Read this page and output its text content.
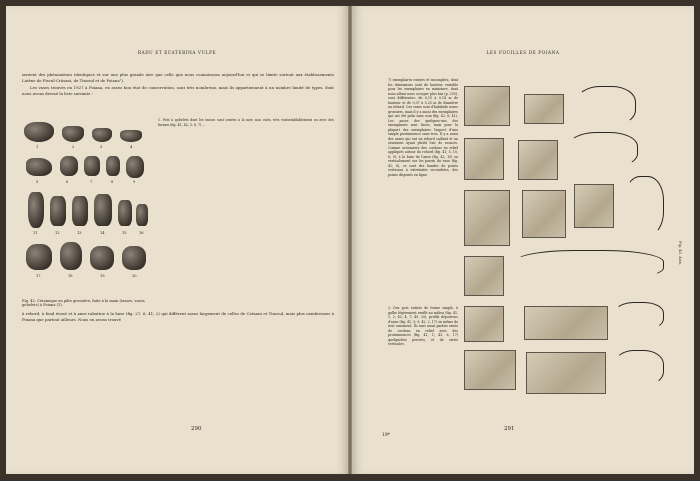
RADU ET ECATERINA VULPE

sentent des phénomènes identiques et sur une plus grande aire que celle que nous connaissons aujourd'hui et qui se limite surtout aux établissements Latène de Piscul-Crăsani, de Tinosul et de Poiana¹).

Les vases trouvés en 1927 à Poiana, en assez bon état de conservation, sont très nombreux, mais ils appartiennent à un nombre limité de types, dont nous avons dressé la liste suivante :

1	2	3	4
5	6	7	8	9
11	12	13	14	15	16
17	18	19	20
1. Pots à gobelets dont les tasses sont ornées à la mer, non cuits, très vraisemblablement ou avec des formes (fig. 41, 42; 5, 6, 7) ...
Fig. 42. Céramique en pâte grossière, faite à la main (tasses, vases, gobelets) à Poiana (1).
à rebord, à fond évasé et à anse rabattue à la base (fig. 27, 6; 41; 2) qui diffèrent assez largement de celles de Crăsani et Tinosul, mais plus nombreuses à Poiana que partout ailleurs. Nous en avons trouvé
290
LES FOUILLES DE POIANA
7) exemplaires entiers et incomplets, dont les dimensions sont de hauteur variable pour les exemplaires en miniature, dont nous allons nous occuper plus bas (p. 295), sont différentes: de 0,15 à 0,14 m de hauteur et de 0,07 à 0,25 m de diamètre au rebord. Ces vases sont d'habitude assez grossiers, mais il y a aussi des exemplaires qui ont été polis sans soin (fig. 42, 6; 41). Les anses des quelques-uns des exemplaires sont lisses, mais pour la plupart des exemplaires l'aspect d'une simple proéminence sans trou. Il y a aussi des anses qui ont un rebord saillant et un ornement ayant plutôt l'air de rosaces. Comme ornements des cordons en relief appliqués autour du rebord (fig. 41; 5, 10, 6; 9), à la base de l'anse (fig. 42; 10) ou verticalement sur les parois du vase (fig. 42; 8), ce sont des bandes de points verticaux à extrémités recourbées, des points disposés en ligne.
3. Des pots entiers de forme simple, à galbe légèrement renflé au milieu (fig. 41, 1, 2; 42, 4, 7; 49, 20), profils dépourvus d'anse (fig. 41, 3; 9; 42, 2, 17) on même de tout ornement. Ils sont aussi parfois ornés de cordons en relief avec des proéminences (fig. 41, 1; 43, 6, 17) quelquefois percées, et de stries verticales.
Fig. 43. Aisn.
19*
291
